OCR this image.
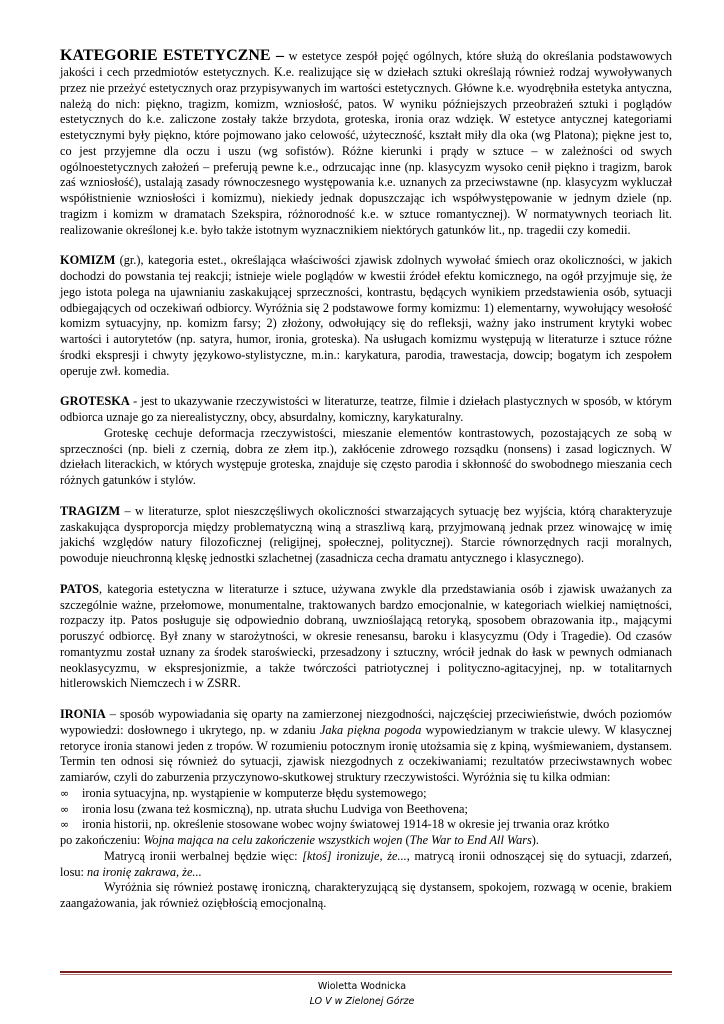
KATEGORIE ESTETYCZNE – w estetyce zespół pojęć ogólnych, które służą do określania podstawowych jakości i cech przedmiotów estetycznych. K.e. realizujące się w dziełach sztuki określają również rodzaj wywoływanych przez nie przeżyć estetycznych oraz przypisywanych im wartości estetycznych. Główne k.e. wyodrębniła estetyka antyczna, należą do nich: piękno, tragizm, komizm, wzniosłość, patos. W wyniku późniejszych przeobrażeń sztuki i poglądów estetycznych do k.e. zaliczone zostały także brzydota, groteska, ironia oraz wdzięk. W estetyce antycznej kategoriami estetycznymi były piękno, które pojmowano jako celowość, użyteczność, kształt miły dla oka (wg Platona); piękne jest to, co jest przyjemne dla oczu i uszu (wg sofistów). Różne kierunki i prądy w sztuce – w zależności od swych ogólnoestetycznych założeń – preferują pewne k.e., odrzucając inne (np. klasycyzm wysoko cenił piękno i tragizm, barok zaś wzniosłość), ustalają zasady równoczesnego występowania k.e. uznanych za przeciwstawne (np. klasycyzm wykluczał współistnienie wzniosłości i komizmu), niekiedy jednak dopuszczając ich współwystępowanie w jednym dziele (np. tragizm i komizm w dramatach Szekspira, różnorodność k.e. w sztuce romantycznej). W normatywnych teoriach lit. realizowanie określonej k.e. było także istotnym wyznacznikiem niektórych gatunków lit., np. tragedii czy komedii.

KOMIZM (gr.), kategoria estet., określająca właściwości zjawisk zdolnych wywołać śmiech oraz okoliczności, w jakich dochodzi do powstania tej reakcji; istnieje wiele poglądów w kwestii źródeł efektu komicznego, na ogół przyjmuje się, że jego istota polega na ujawnianiu zaskakującej sprzeczności, kontrastu, będących wynikiem przedstawienia osób, sytuacji odbiegających od oczekiwań odbiorcy. Wyróżnia się 2 podstawowe formy komizmu: 1) elementarny, wywołujący wesołość komizm sytuacyjny, np. komizm farsy; 2) złożony, odwołujący się do refleksji, ważny jako instrument krytyki wobec wartości i autorytetów (np. satyra, humor, ironia, groteska). Na usługach komizmu występują w literaturze i sztuce różne środki ekspresji i chwyty językowo-stylistyczne, m.in.: karykatura, parodia, trawestacja, dowcip; bogatym ich zespołem operuje zwł. komedia.

GROTESKA - jest to ukazywanie rzeczywistości w literaturze, teatrze, filmie i dziełach plastycznych w sposób, w którym odbiorca uznaje go za nierealistyczny, obcy, absurdalny, komiczny, karykaturalny.

Groteskę cechuje deformacja rzeczywistości, mieszanie elementów kontrastowych, pozostających ze sobą w sprzeczności (np. bieli z czernią, dobra ze złem itp.), zakłócenie zdrowego rozsądku (nonsens) i zasad logicznych. W dziełach literackich, w których występuje groteska, znajduje się często parodia i skłonność do swobodnego mieszania cech różnych gatunków i stylów.

TRAGIZM – w literaturze, splot nieszczęśliwych okoliczności stwarzających sytuację bez wyjścia, którą charakteryzuje zaskakująca dysproporcja między problematyczną winą a straszliwą karą, przyjmowaną jednak przez winowajcę w imię jakichś względów natury filozoficznej (religijnej, społecznej, politycznej). Starcie równorzędnych racji moralnych, powoduje nieuchronną klęskę jednostki szlachetnej (zasadnicza cecha dramatu antycznego i klasycznego).

PATOS, kategoria estetyczna w literaturze i sztuce, używana zwykle dla przedstawiania osób i zjawisk uważanych za szczególnie ważne, przełomowe, monumentalne, traktowanych bardzo emocjonalnie, w kategoriach wielkiej namiętności, rozpaczy itp. Patos posługuje się odpowiednio dobraną, uwznioślającą retoryką, sposobem obrazowania itp., mającymi poruszyć odbiorcę. Był znany w starożytności, w okresie renesansu, baroku i klasycyzmu (Ody i Tragedie). Od czasów romantyzmu został uznany za środek staroświecki, przesadzony i sztuczny, wrócił jednak do łask w pewnych odmianach neoklasycyzmu, w ekspresjonizmie, a także twórczości patriotycznej i polityczno-agitacyjnej, np. w totalitarnych hitlerowskich Niemczech i w ZSRR.

IRONIA – sposób wypowiadania się oparty na zamierzonej niezgodności, najczęściej przeciwieństwie, dwóch poziomów wypowiedzi: dosłownego i ukrytego, np. w zdaniu Jaka piękna pogoda wypowiedzianym w trakcie ulewy. W klasycznej retoryce ironia stanowi jeden z tropów. W rozumieniu potocznym ironię utożsamia się z kpiną, wyśmiewaniem, dystansem. Termin ten odnosi się również do sytuacji, zjawisk niezgodnych z oczekiwaniami; rezultatów przeciwstawnych wobec zamiarów, czyli do zaburzenia przyczynowo-skutkowej struktury rzeczywistości. Wyróżnia się tu kilka odmian:

∞ ironia sytuacyjna, np. wystąpienie w komputerze błędu systemowego;
∞ ironia losu (zwana też kosmiczną), np. utrata słuchu Ludviga von Beethovena;
∞ ironia historii, np. określenie stosowane wobec wojny światowej 1914-18 w okresie jej trwania oraz krótko

po zakończeniu: Wojna mająca na celu zakończenie wszystkich wojen (The War to End All Wars).

Matrycą ironii werbalnej będzie więc: [ktoś] ironizuje, że..., matrycą ironii odnoszącej się do sytuacji, zdarzeń, losu: na ironię zakrawa, że...

Wyróżnia się również postawę ironiczną, charakteryzującą się dystansem, spokojem, rozwagą w ocenie, brakiem zaangażowania, jak również oziębłością emocjonalną.

Wioletta Wodnicka
LO V w Zielonej Górze
